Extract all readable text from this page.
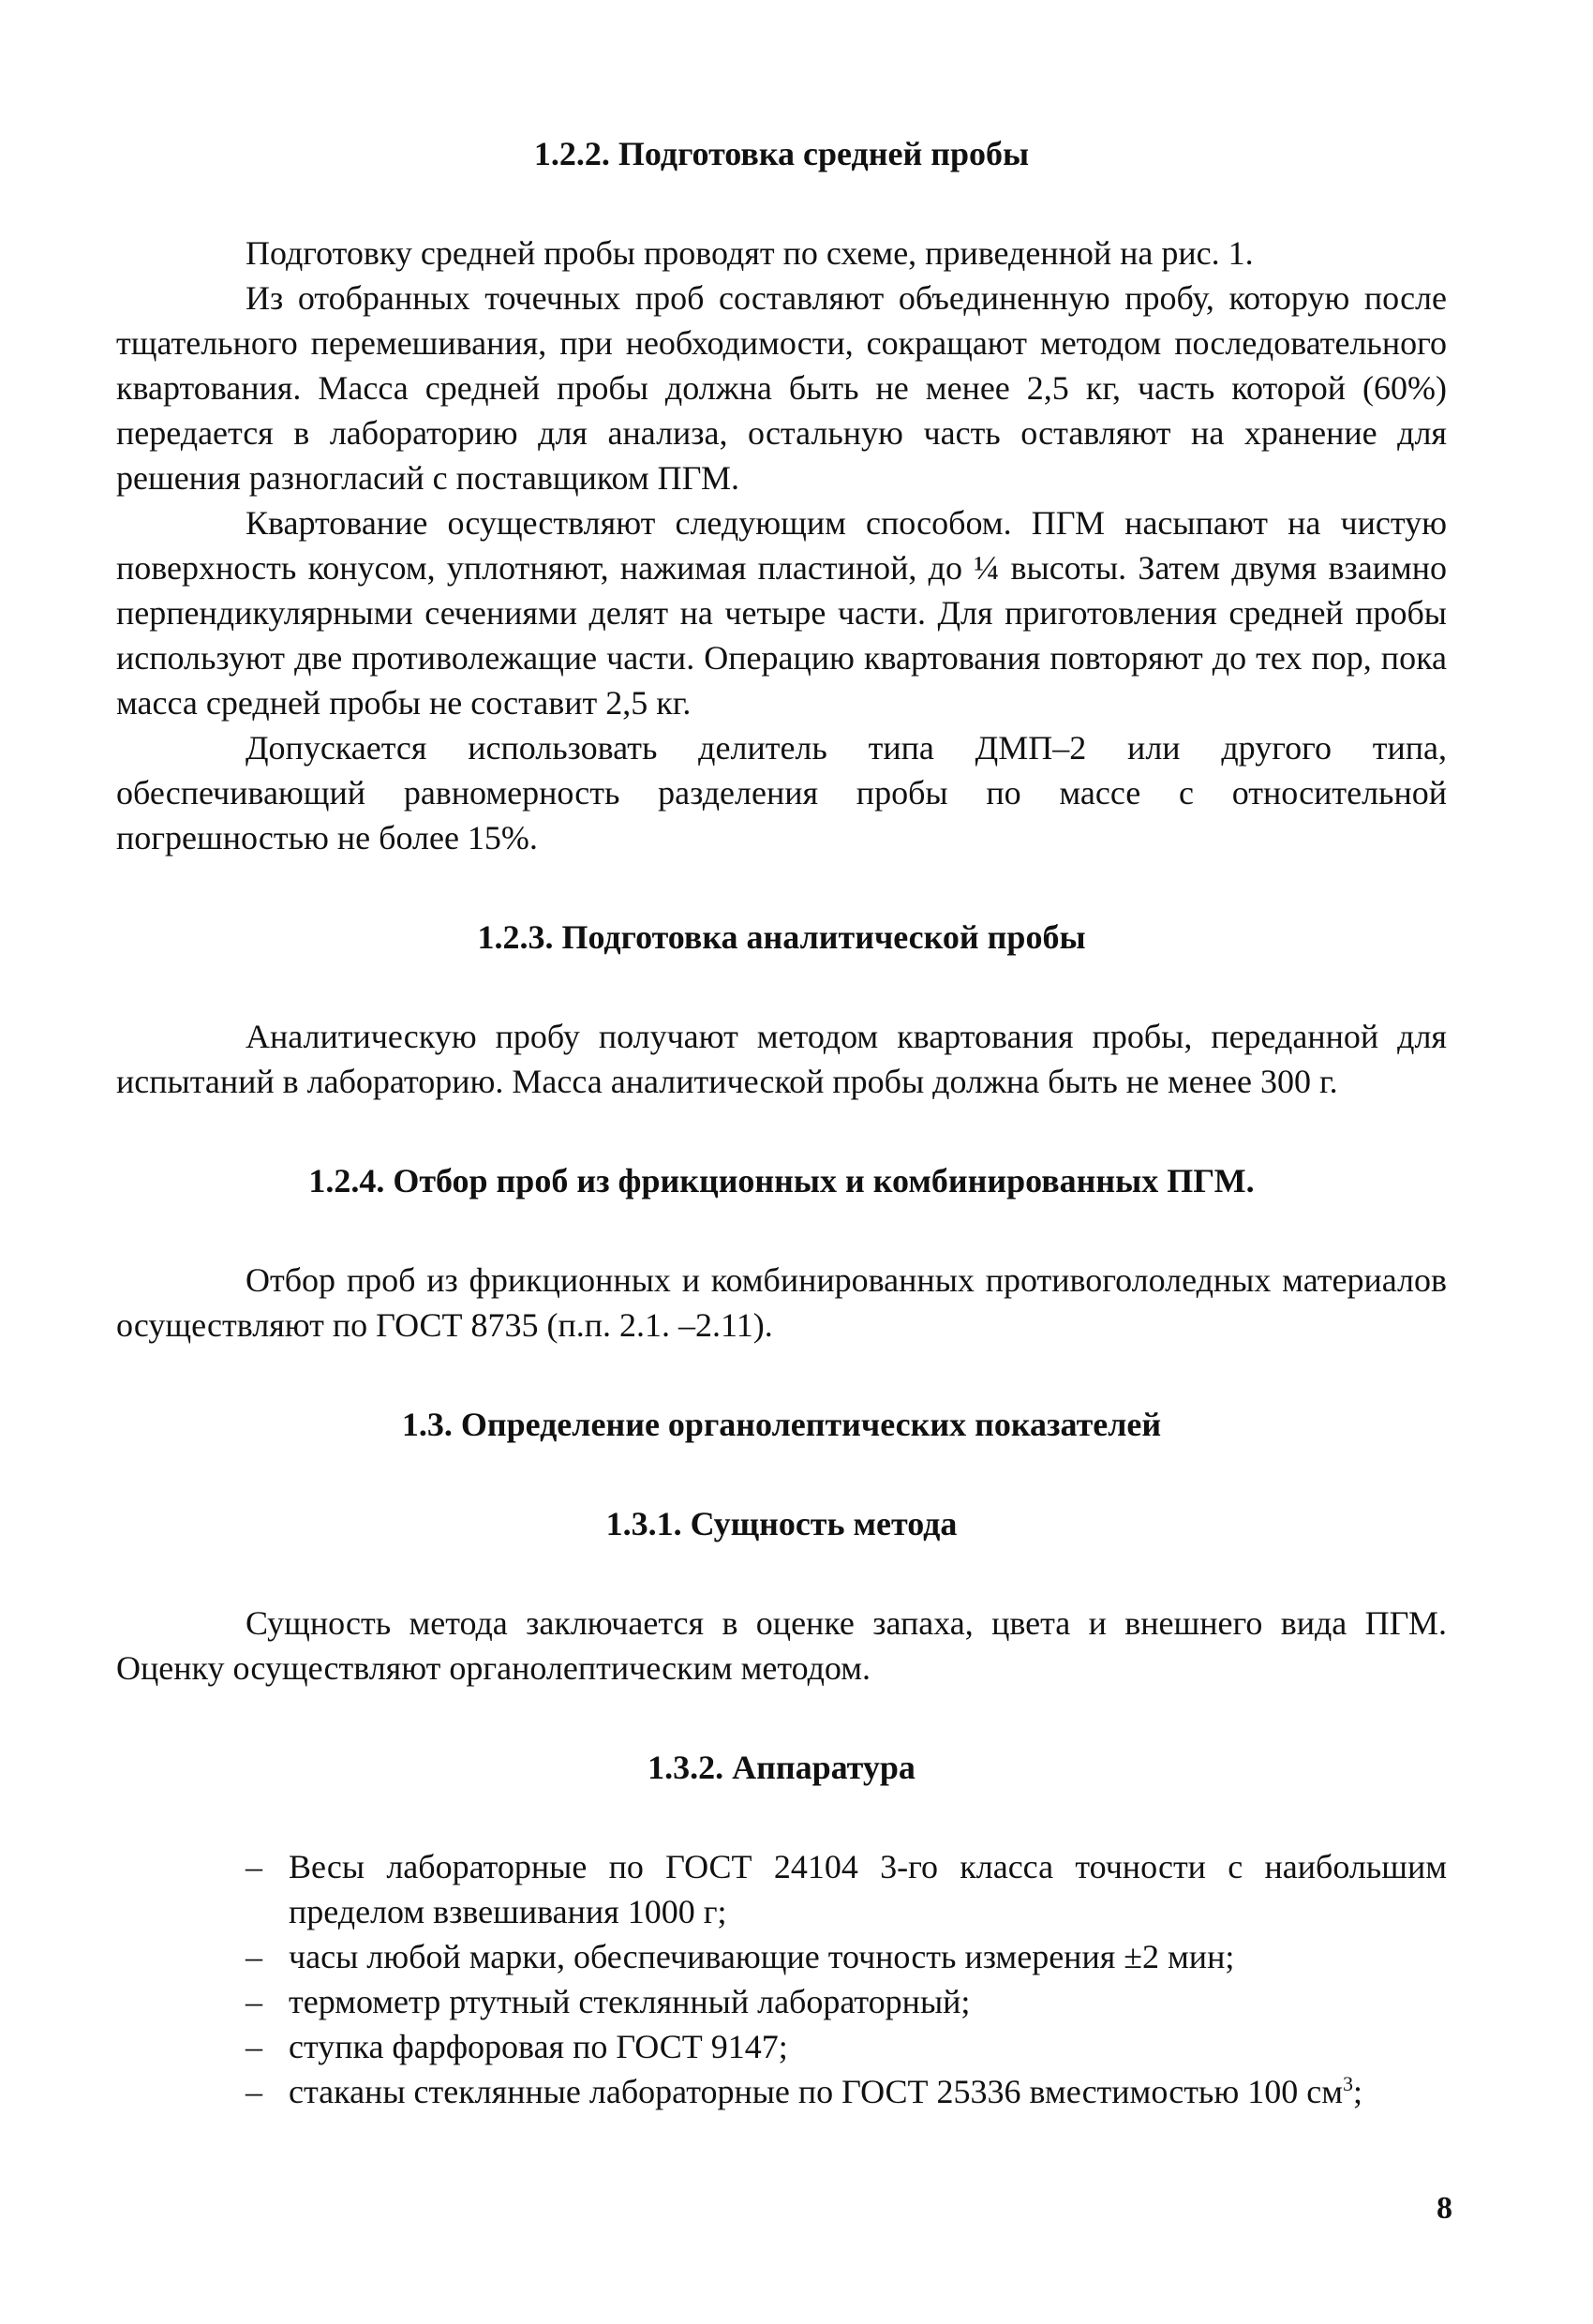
1.2.2. Подготовка средней пробы

Подготовку средней пробы проводят по схеме, приведенной на рис. 1.

Из отобранных точечных проб составляют объединенную пробу, которую после тщательного перемешивания, при необходимости, сокращают методом последовательного квартования. Масса средней пробы должна быть не менее 2,5 кг, часть которой (60%) передается в лабораторию для анализа, остальную часть оставляют на хранение для решения разногласий с поставщиком ПГМ.

Квартование осуществляют следующим способом. ПГМ насыпают на чистую поверхность конусом, уплотняют, нажимая пластиной, до ¼ высоты. Затем двумя взаимно перпендикулярными сечениями делят на четыре части. Для приготовления средней пробы используют две противолежащие части. Операцию квартования повторяют до тех пор, пока масса средней пробы не составит 2,5 кг.

Допускается использовать делитель типа ДМП–2 или другого типа, обеспечивающий равномерность разделения пробы по массе с относительной погрешностью не более 15%.

1.2.3. Подготовка аналитической пробы

Аналитическую пробу получают методом квартования пробы, переданной для испытаний в лабораторию. Масса аналитической пробы должна быть не менее 300 г.

1.2.4. Отбор проб из фрикционных и комбинированных ПГМ.

Отбор проб из фрикционных и комбинированных противогололедных материалов осуществляют по ГОСТ 8735 (п.п. 2.1. –2.11).

1.3. Определение органолептических показателей
1.3.1. Сущность метода

Сущность метода заключается в оценке запаха, цвета и внешнего вида ПГМ. Оценку осуществляют органолептическим методом.

1.3.2. Аппаратура
– Весы лабораторные по ГОСТ 24104 3-го класса точности с наибольшим пределом взвешивания 1000 г;
– часы любой марки, обеспечивающие точность измерения ±2 мин;
– термометр ртутный стеклянный лабораторный;
– ступка фарфоровая по ГОСТ 9147;
– стаканы стеклянные лабораторные по ГОСТ 25336 вместимостью 100 $см^3$;
8
